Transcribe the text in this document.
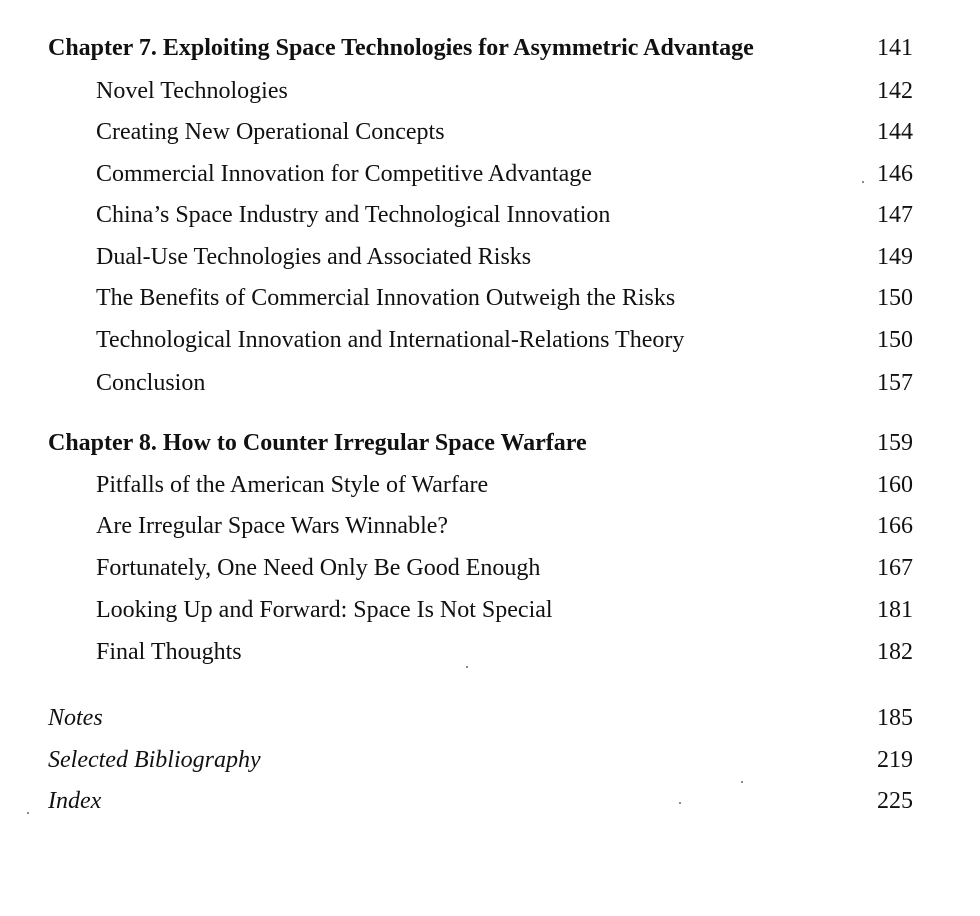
Chapter 7. Exploiting Space Technologies for Asymmetric Advantage	141
Novel Technologies	142
Creating New Operational Concepts	144
Commercial Innovation for Competitive Advantage	146
China’s Space Industry and Technological Innovation	147
Dual-Use Technologies and Associated Risks	149
The Benefits of Commercial Innovation Outweigh the Risks	150
Technological Innovation and International-Relations Theory	150
Conclusion	157
Chapter 8. How to Counter Irregular Space Warfare	159
Pitfalls of the American Style of Warfare	160
Are Irregular Space Wars Winnable?	166
Fortunately, One Need Only Be Good Enough	167
Looking Up and Forward: Space Is Not Special	181
Final Thoughts	182
Notes	185
Selected Bibliography	219
Index	225
